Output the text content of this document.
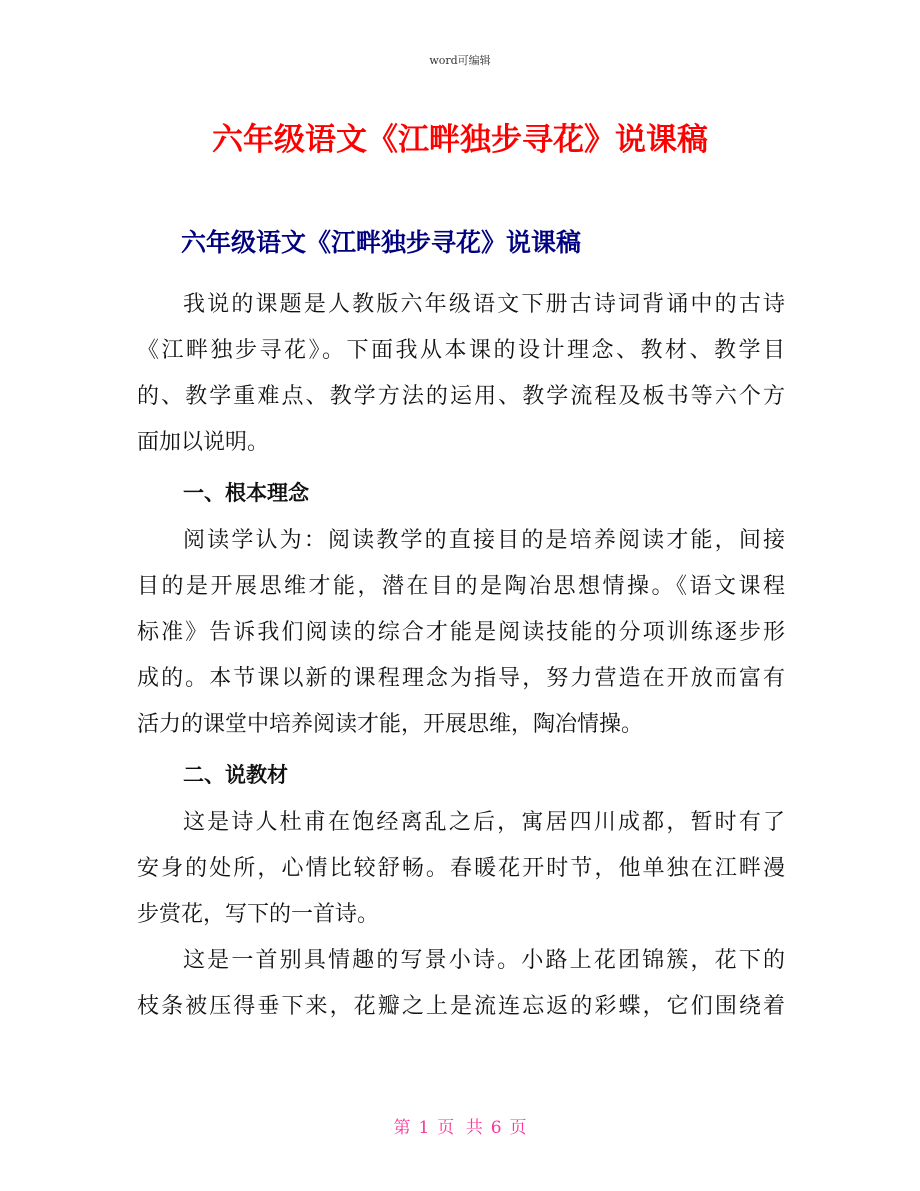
word可编辑
六年级语文《江畔独步寻花》说课稿
六年级语文《江畔独步寻花》说课稿
我说的课题是人教版六年级语文下册古诗词背诵中的古诗
《江畔独步寻花》。下面我从本课的设计理念、教材、教学目
的、教学重难点、教学方法的运用、教学流程及板书等六个方
面加以说明。
一、根本理念
阅读学认为：阅读教学的直接目的是培养阅读才能，间接
目的是开展思维才能，潜在目的是陶冶思想情操。《语文课程
标准》告诉我们阅读的综合才能是阅读技能的分项训练逐步形
成的。本节课以新的课程理念为指导，努力营造在开放而富有
活力的课堂中培养阅读才能，开展思维，陶冶情操。
二、说教材
这是诗人杜甫在饱经离乱之后，寓居四川成都，暂时有了
安身的处所，心情比较舒畅。春暖花开时节，他单独在江畔漫
步赏花，写下的一首诗。
这是一首别具情趣的写景小诗。小路上花团锦簇，花下的
枝条被压得垂下来，花瓣之上是流连忘返的彩蝶，它们围绕着
第 1 页 共 6 页
